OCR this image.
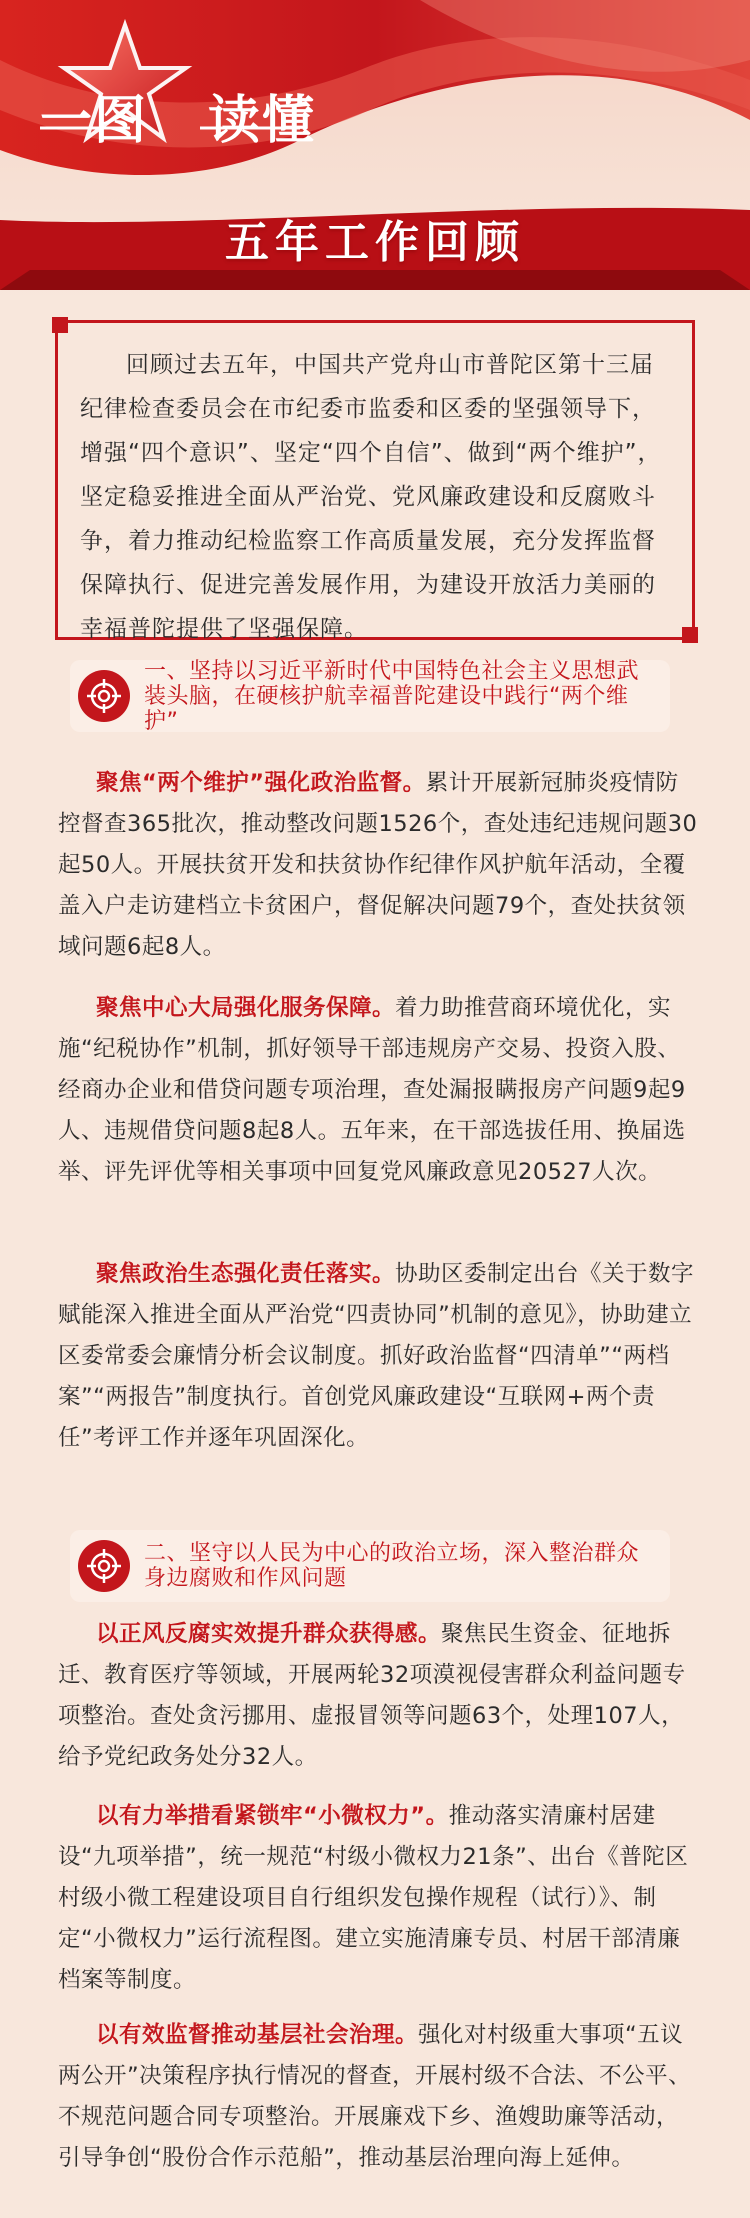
一图 读懂
五年工作回顾
回顾过去五年，中国共产党舟山市普陀区第十三届纪律检查委员会在市纪委市监委和区委的坚强领导下，增强“四个意识”、坚定“四个自信”、做到“两个维护”，坚定稳妥推进全面从严治党、党风廉政建设和反腐败斗争，着力推动纪检监察工作高质量发展，充分发挥监督保障执行、促进完善发展作用，为建设开放活力美丽的幸福普陀提供了坚强保障。
一、坚持以习近平新时代中国特色社会主义思想武装头脑，在硬核护航幸福普陀建设中践行“两个维护”
聚焦“两个维护”强化政治监督。累计开展新冠肺炎疫情防控督查365批次，推动整改问题1526个，查处违纪违规问题30起50人。开展扶贫开发和扶贫协作纪律作风护航年活动，全覆盖入户走访建档立卡贫困户，督促解决问题79个，查处扶贫领域问题6起8人。
聚焦中心大局强化服务保障。着力助推营商环境优化，实施“纪税协作”机制，抓好领导干部违规房产交易、投资入股、经商办企业和借贷问题专项治理，查处漏报瞒报房产问题9起9人、违规借贷问题8起8人。五年来，在干部选拔任用、换届选举、评先评优等相关事项中回复党风廉政意见20527人次。
聚焦政治生态强化责任落实。协助区委制定出台《关于数字赋能深入推进全面从严治党“四责协同”机制的意见》，协助建立区委常委会廉情分析会议制度。抓好政治监督“四清单”“两档案”“两报告”制度执行。首创党风廉政建设“互联网+两个责任”考评工作并逐年巩固深化。
二、坚守以人民为中心的政治立场，深入整治群众身边腐败和作风问题
以正风反腐实效提升群众获得感。聚焦民生资金、征地拆迁、教育医疗等领域，开展两轮32项漠视侵害群众利益问题专项整治。查处贪污挪用、虚报冒领等问题63个，处理107人，给予党纪政务处分32人。
以有力举措看紧锁牢“小微权力”。推动落实清廉村居建设“九项举措”，统一规范“村级小微权力21条”、出台《普陀区村级小微工程建设项目自行组织发包操作规程（试行）》、制定“小微权力”运行流程图。建立实施清廉专员、村居干部清廉档案等制度。
以有效监督推动基层社会治理。强化对村级重大事项“五议两公开”决策程序执行情况的督查，开展村级不合法、不公平、不规范问题合同专项整治。开展廉戏下乡、渔嫂助廉等活动，引导争创“股份合作示范船”，推动基层治理向海上延伸。
